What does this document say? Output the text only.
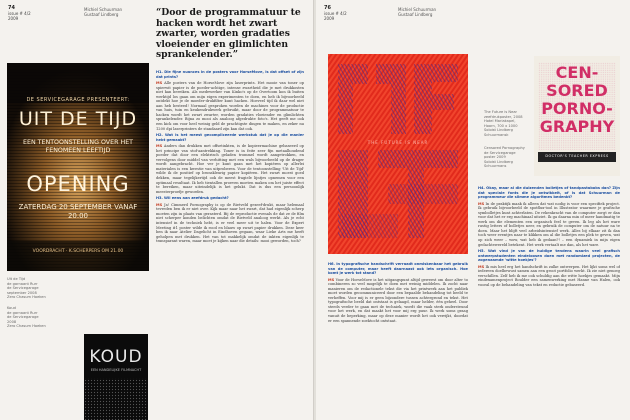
74
issue # 4/2
2009
Michiel Schuurman
Gustaaf Lindberg	“Door de programmatuur te hacken wordt het zwart zwarter, worden gradaties vloeiender en glimlichten sprankelender.”
DE SERVICEGARAGE PRESENTEERT:
UIT DE TIJD
EEN TENTOONSTELLING OVER HET FENOMEEN LEEFTIJD
OPENING
ZATERDAG 20 SEPTEMBER VANAF 20.00
VOORDRACHT · K.SCHERPERS OM 21.00
Uit de Tijd
de garnaant Rurr
de Servicegarage
september 2008
Zero Chasum Hoeken
Koud
de garnaant Rurr
de Servicegarage
2008
Zero Chasum Hoeken
KOUD
EEN HANDELIJKE FILMNACHT

H1. Die fijne nuances in de posters voor HorseMove, is dat offset of zijn dat prints?

MS Alle posters van de HorseMove zijn laserprints. Het mooie van toner op spierwit papier is de poeder-achtige, intense zwartheid die je met drukkosten niet kan bereiken. Als medewerker van Kinko's op de Overtoom kon ik buiten werktijd los gaan om mijn eigen experimenten te doen, en heb ik bijvoorbeeld ontdekt hoe je de moeder-drukfilter kunt hacken. Hoeveel tijd ik daar wel niet aan heb besteed! Normaal gesproken worden de machines voor de productie van huis, tuin en keukendrukwerk gebruikt, maar door de programmatuur te hacken wordt het zwart zwarter, worden gradaties vloeiender en glimlichten sprankelender. Bijna zo mooi als analoog afgedrukte foto's. Het geeft me ook een kick om voor heel weinig geld de prachtigste dingen te maken, en zeker nu 1200 dpi laserprinters de standaard zijn kan dat ook.

H2. Wat is het meest gecompliceerde werkstuk dat je op die manier hebt gemaakt?

MS Anders dan drukken met offsetinkten, is de kopieermachine gebaseerd op het principe van stof-aantrekking. Toner is in feite zeer fijn metaalhoudend poeder dat door een elektrisch geladen trommel wordt aangetrokken, en vervolgens door middel van verhitting met een wals bijvoorbeeld op de drager wordt aangebracht. Hoe ver je kunt gaan met het kopiëren op allerlei materialen is een kwestie van uitproberen. Voor de tentoonstelling 'Uit de Tijd' wilde ik de positief op bronskleurig papier kopiëren. Het zwart moest goed dekken, maar tegelijkertijd ook de meest fragiele lijntjes opnemen voor een optimaal resultaat. Ik heb tientallen proeven moeten maken om het juiste effect te bereiken, maar uiteindelijk is het gelukt. Dat is dus een persoonlijk meesterproefje geworden.

H3. Wil eens aan zeefdruk gedacht?

MS Ja! Cimmerd Pornography is op de Rietveld gezeef-drukt, maar helemaal tevreden ben ik er niet over. Kijk maar naar het zwart, dat had eigenlijk scherp moeten zijn in plaats van gerasterd. Bij de reproductie evenals de dat ze de film niet scherper konden belichten omdat de Rietveld analoog werkt. Als je echt intensief in de techniek hebt, is er veel meer uit te halen. Voor de Expert Meeting #1 poster wilde ik rood en blauw op zwart papier drukken. Deze keer ben ik naar Atelier Dagelicht in Eindhoven gegaan, waar Lieke Arts me heeft geholpen met drukken. Het van tot makkelijk omdat de inkten eigenlijk te transparant waren, maar moet je kijken naar die details: mooi geworden, toch?

76
issue # 4/2
2009
Michiel Schuurman
Gustaaf Lindberg
THE FUTURE IS NEAR
CEN-
SORED
PORNO-
GRAPHY
DOCTOR'S TEACHER EXPRESS
The Future is Near
zeefdrukposter, 2008
Hotel Mariakapel,
Hoorn, 700 x 1000
Soloist Lindberg
Schuurmansk
Censored Pornography
de Servicegarage
poster 2009
Soloist Lindberg
Schuurmans

H4. Okay, maar al die duizenden bolletjes of tandpastabobs dan? Zijn dat speciale fonts die je ontwikkelt, of is dat Schuurman de programmeur die slimme algoritmes bedenkt?

MS In de praktijk maak ik alleen dat wat nodig is voor een specifiek project. Ik gebruik bijvoorbeeld de spotflux-tool in Illustrator waarmee je grafische symbolletjes kunt achterlaten. De rekenkracht van de computer zorgt er dan voor dat het er erg machinaal uitziet. Ik ga daarna min of meer handmatig te werk om die elementen een organisch feel te geven. Ik leg als het ware rustig letters of bolletjes neer, en gebruik de computer om de natuur na te doen. Maar het blijft veel arbeidsintensief werk. Alles bij elkaar zit ik dan toch weer eventjes naar te klikken om al die bolletjes een plek te geven, wat op zich weer – wow, wat heb ik gedaan?! – een dynamiek in mijn eigen gedachtewereld betekent. Het werk vertaalt me dan, als het ware.

H5. Wat vind je van de huidige tendens waarin veel grafisch ontwerpstudenten eindeloosen doen met randomized projecten, de zogenaamde 'witte hoekjes'?

MS Ik mis heel erg het handschrift in zulke ontwerpen. Het lijkt soms wel of iedereen doelbewust samen aan een groot portfolio werkt. Ik zie niet genoeg verschillen. Zelf heb ik me ook schuldig aan die witte hoekjes gemaakt. Mijn eindexamenproject Boulder een samenwerking met Hanne van Halen, ook vooral op de behandeling van tekst en reductie gebaseerd.

H6. In typografische handschrift verraadt onmiskenbaar het gebruik van de computer, maar heeft daarnaast ook iets organisch. Hoe komt je werk tot stand?

MS Voor de HorseMove is het uitgangspunt altijd geweest om door alter to combineren zo veel mogelijk te doen met weinig middelen. Ik zocht naar manieren om de redactionele tekst die via het printwerk aan het publiek moet worden gecommuniceerd door een bepaalde behandeling tot beeld te verheffen. Voor mij is er geen bijzondere tussen achtergrond en tekst. Het typografische beeld dat ontstaat is gelaagd, maar helder, één geheel. Door steeds verder te gaan met de techniek, wordt die vaak sterk ondersteund voor het werk, en dat maakt het voor mij erg puur. Ik werk soms graag vanuit de beperking, maar op deze manier wordt het ook verrijkt, doordat er een spannende zoektocht ontstaat.
